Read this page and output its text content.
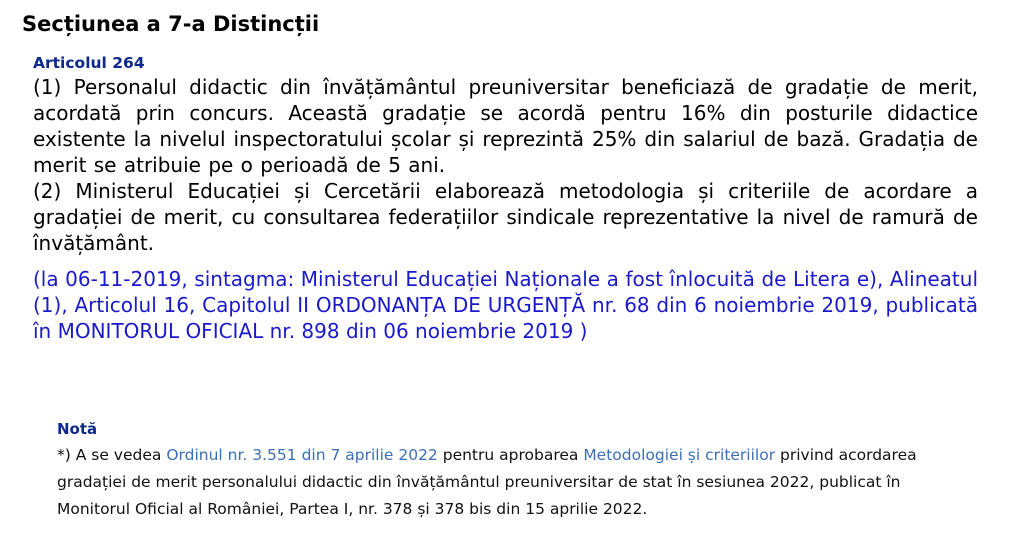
Secțiunea a 7-a Distincții
Articolul 264

(1) Personalul didactic din învățământul preuniversitar beneficiază de gradație de merit, acordată prin concurs. Această gradație se acordă pentru 16% din posturile didactice existente la nivelul inspectoratului școlar și reprezintă 25% din salariul de bază. Gradația de merit se atribuie pe o perioadă de 5 ani.

(2) Ministerul Educației și Cercetării elaborează metodologia și criteriile de acordare a gradației de merit, cu consultarea federațiilor sindicale reprezentative la nivel de ramură de învățământ.

(la 06-11-2019, sintagma: Ministerul Educației Naționale a fost înlocuită de Litera e), Alineatul (1), Articolul 16, Capitolul II ORDONANȚA DE URGENȚĂ nr. 68 din 6 noiembrie 2019, publicată în MONITORUL OFICIAL nr. 898 din 06 noiembrie 2019 )

Notă

*) A se vedea Ordinul nr. 3.551 din 7 aprilie 2022 pentru aprobarea Metodologiei și criteriilor privind acordarea gradației de merit personalului didactic din învățământul preuniversitar de stat în sesiunea 2022, publicat în Monitorul Oficial al României, Partea I, nr. 378 și 378 bis din 15 aprilie 2022.
